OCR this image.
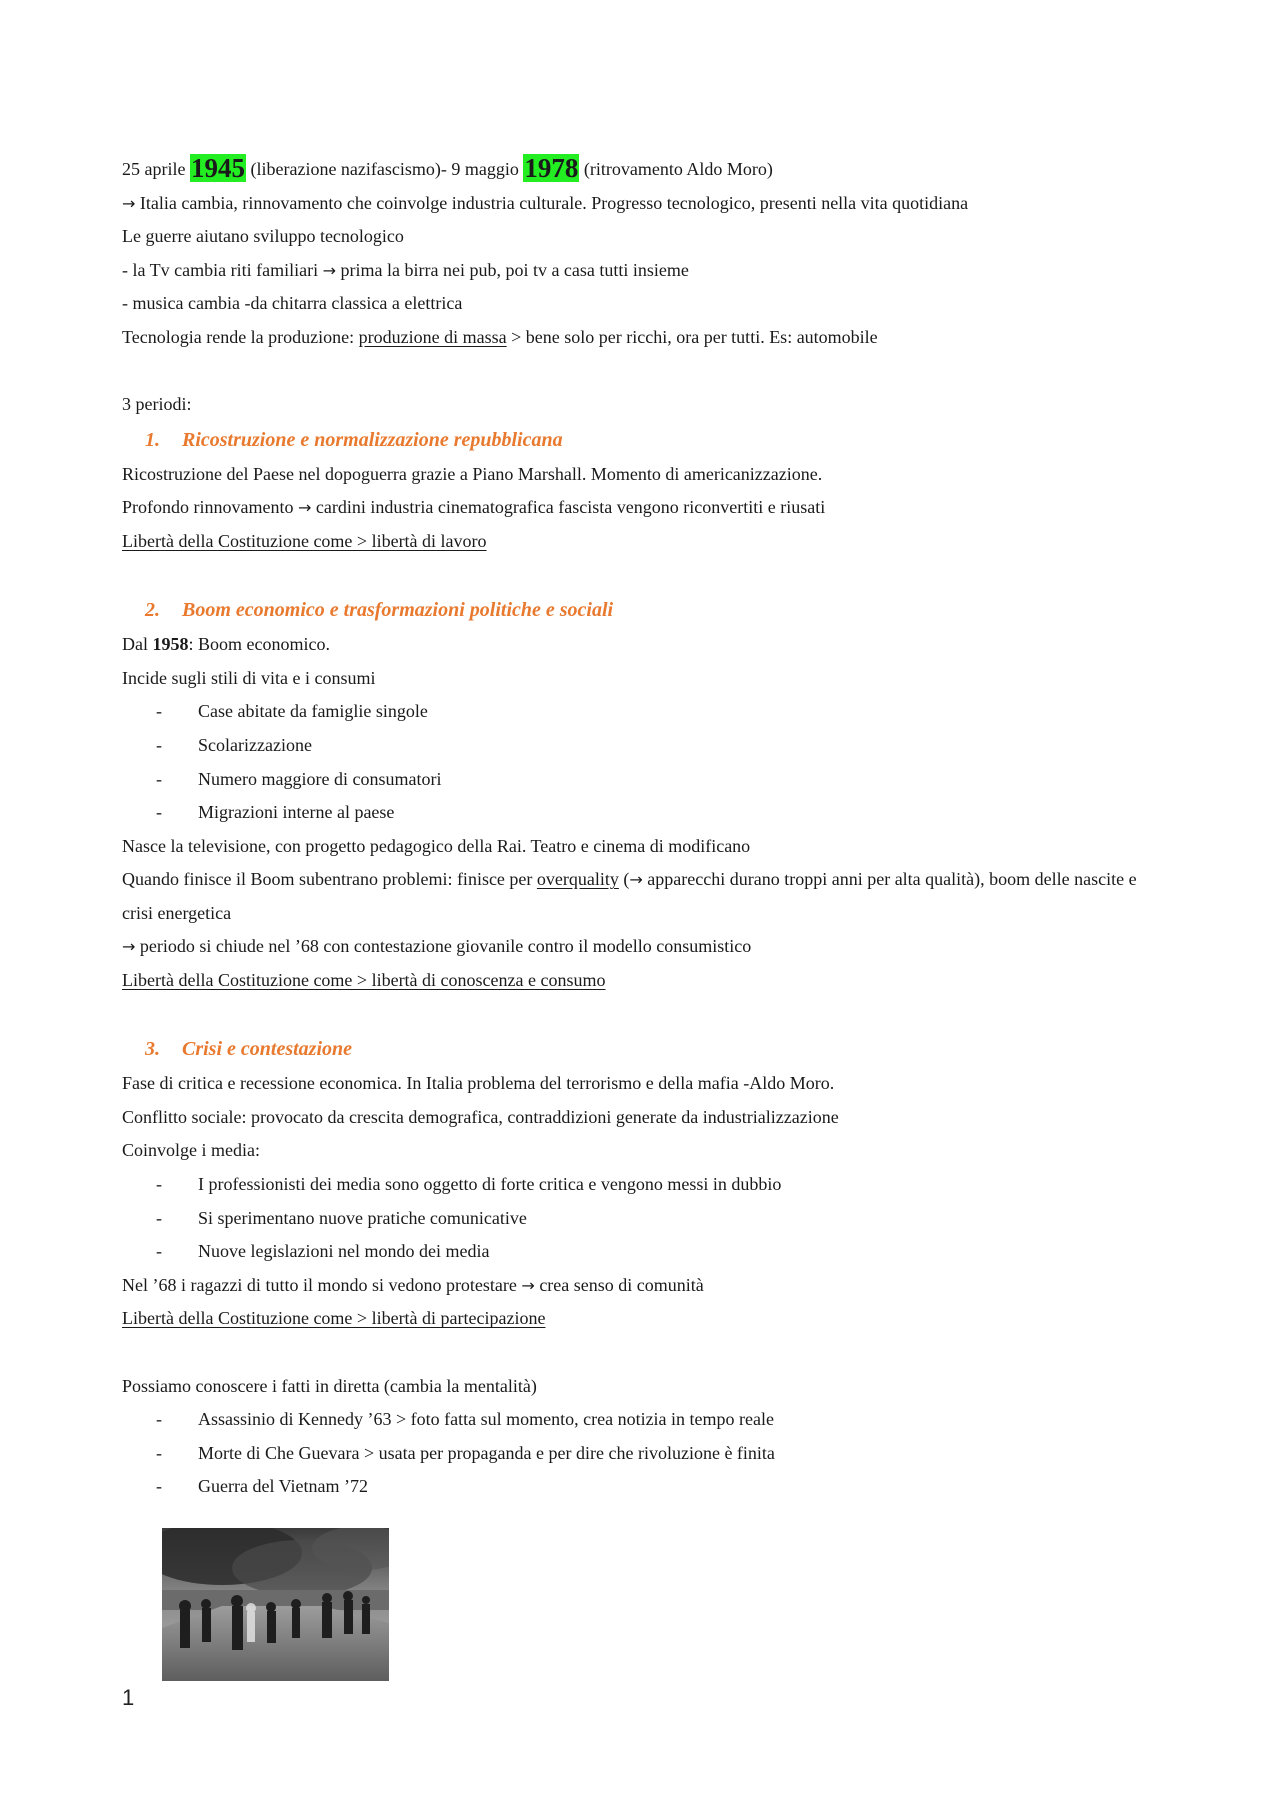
25 aprile 1945 (liberazione nazifascismo)- 9 maggio 1978 (ritrovamento Aldo Moro)
→ Italia cambia, rinnovamento che coinvolge industria culturale. Progresso tecnologico, presenti nella vita quotidiana
Le guerre aiutano sviluppo tecnologico
- la Tv cambia riti familiari → prima la birra nei pub, poi tv a casa tutti insieme
- musica cambia -da chitarra classica a elettrica
Tecnologia rende la produzione: produzione di massa > bene solo per ricchi, ora per tutti. Es: automobile
3 periodi:
1. Ricostruzione e normalizzazione repubblicana
Ricostruzione del Paese nel dopoguerra grazie a Piano Marshall. Momento di americanizzazione.
Profondo rinnovamento → cardini industria cinematografica fascista vengono riconvertiti e riusati
Libertà della Costituzione come > libertà di lavoro
2. Boom economico e trasformazioni politiche e sociali
Dal 1958: Boom economico.
Incide sugli stili di vita e i consumi
- Case abitate da famiglie singole
- Scolarizzazione
- Numero maggiore di consumatori
- Migrazioni interne al paese
Nasce la televisione, con progetto pedagogico della Rai. Teatro e cinema di modificano
Quando finisce il Boom subentrano problemi: finisce per overquality (→ apparecchi durano troppi anni per alta qualità), boom delle nascite e crisi energetica
→ periodo si chiude nel ’68 con contestazione giovanile contro il modello consumistico
Libertà della Costituzione come > libertà di conoscenza e consumo
3. Crisi e contestazione
Fase di critica e recessione economica. In Italia problema del terrorismo e della mafia -Aldo Moro.
Conflitto sociale: provocato da crescita demografica, contraddizioni generate da industrializzazione
Coinvolge i media:
- I professionisti dei media sono oggetto di forte critica e vengono messi in dubbio
- Si sperimentano nuove pratiche comunicative
- Nuove legislazioni nel mondo dei media
Nel ’68 i ragazzi di tutto il mondo si vedono protestare → crea senso di comunità
Libertà della Costituzione come > libertà di partecipazione
Possiamo conoscere i fatti in diretta (cambia la mentalità)
- Assassinio di Kennedy ’63 > foto fatta sul momento, crea notizia in tempo reale
- Morte di Che Guevara > usata per propaganda e per dire che rivoluzione è finita
- Guerra del Vietnam ’72
1
